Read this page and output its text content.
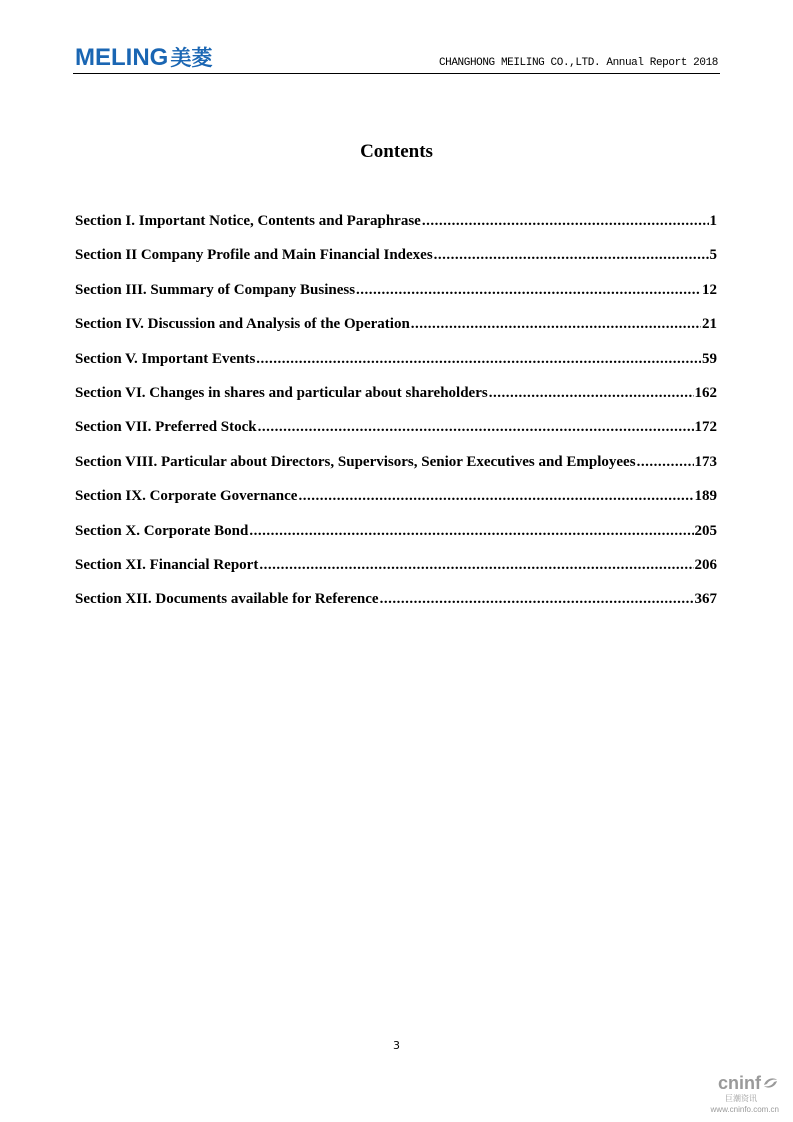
MELING 美菱	CHANGHONG MEILING CO.,LTD. Annual Report 2018
Contents
Section I. Important Notice, Contents and Paraphrase .....	1
Section II Company Profile and Main Financial Indexes .....	5
Section III. Summary of Company Business .....	12
Section IV. Discussion and Analysis of the Operation .....	21
Section V. Important Events .....	59
Section VI. Changes in shares and particular about shareholders .....	162
Section VII. Preferred Stock .....	172
Section VIII. Particular about Directors, Supervisors, Senior Executives and Employees .....	173
Section IX. Corporate Governance .....	189
Section X. Corporate Bond .....	205
Section XI. Financial Report .....	206
Section XII. Documents available for Reference .....	367
3
cninf
巨潮资讯
www.cninfo.com.cn
